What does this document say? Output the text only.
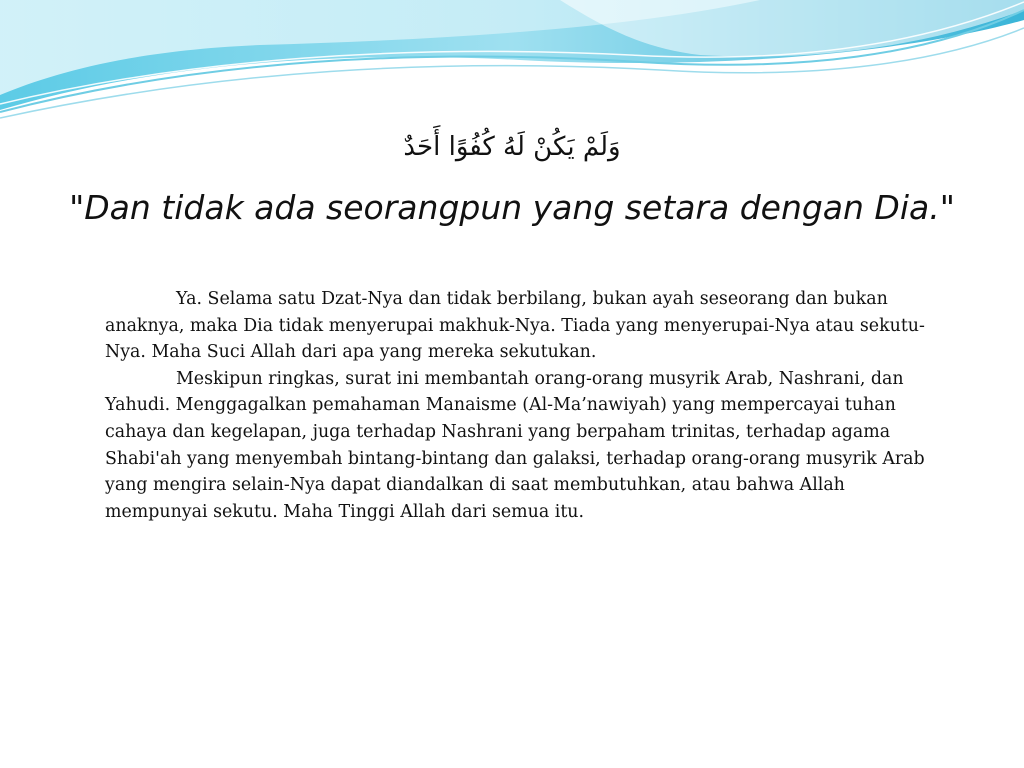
وَلَمْ يَكُنْ لَهُ كُفُوًا أَحَدٌ
"Dan tidak ada seorangpun yang setara dengan Dia."

Ya. Selama satu Dzat-Nya dan tidak berbilang, bukan ayah seseorang dan bukan anaknya, maka Dia tidak menyerupai makhuk-Nya. Tiada yang menyerupai-Nya atau sekutu-Nya. Maha Suci Allah dari apa yang mereka sekutukan.

Meskipun ringkas, surat ini membantah orang-orang musyrik Arab, Nashrani, dan Yahudi. Menggagalkan pemahaman Manaisme (Al-Ma’nawiyah) yang mempercayai tuhan cahaya dan kegelapan, juga terhadap Nashrani yang berpaham trinitas, terhadap agama Shabi'ah yang menyembah bintang-bintang dan galaksi, terhadap orang-orang musyrik Arab yang mengira selain-Nya dapat diandalkan di saat membutuhkan, atau bahwa Allah mempunyai sekutu. Maha Tinggi Allah dari semua itu.
